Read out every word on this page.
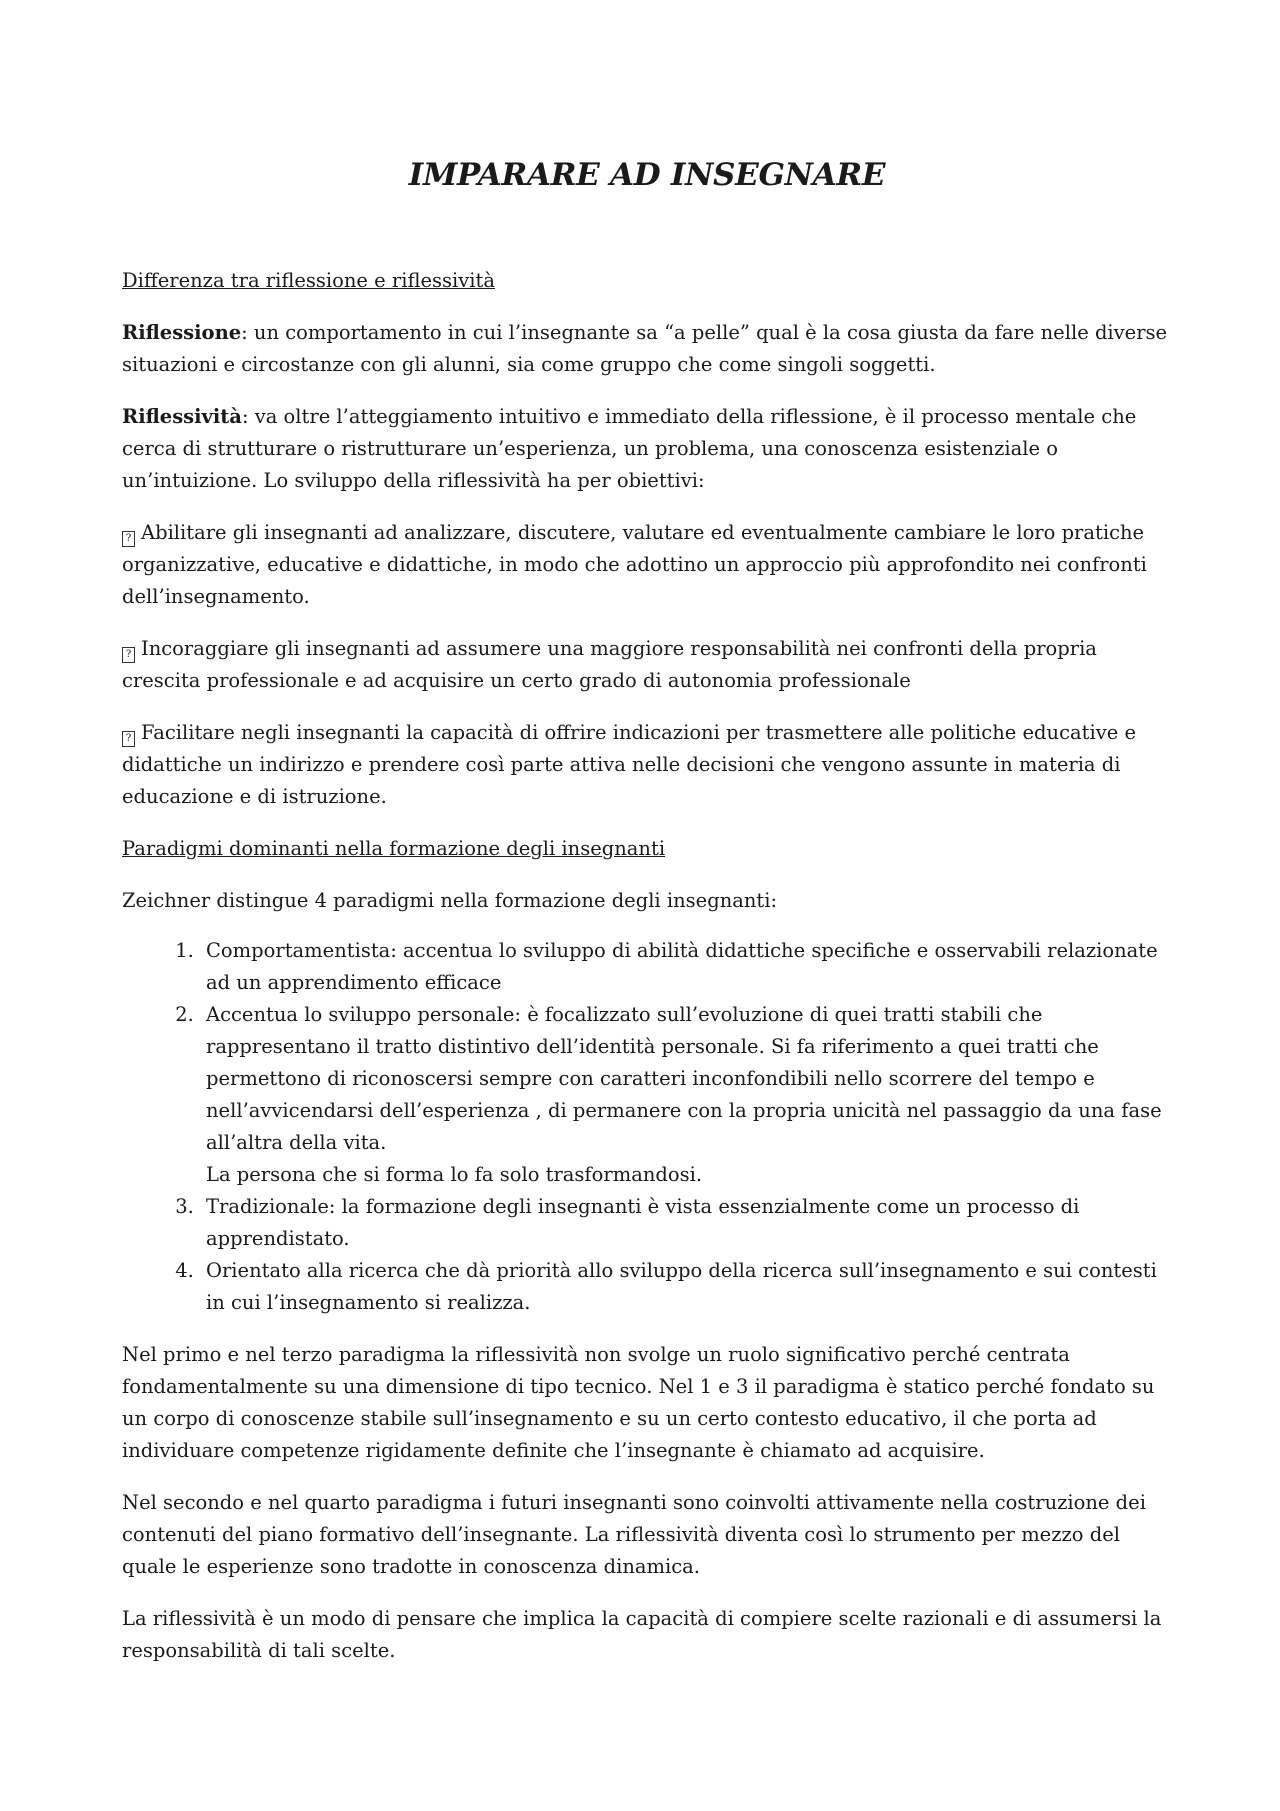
IMPARARE AD INSEGNARE

Differenza tra riflessione e riflessività

Riflessione: un comportamento in cui l’insegnante sa “a pelle” qual è la cosa giusta da fare nelle diverse situazioni e circostanze con gli alunni, sia come gruppo che come singoli soggetti.

Riflessività: va oltre l’atteggiamento intuitivo e immediato della riflessione, è il processo mentale che cerca di strutturare o ristrutturare un’esperienza, un problema, una conoscenza esistenziale o un’intuizione. Lo sviluppo della riflessività ha per obiettivi:

? Abilitare gli insegnanti ad analizzare, discutere, valutare ed eventualmente cambiare le loro pratiche organizzative, educative e didattiche, in modo che adottino un approccio più approfondito nei confronti dell’insegnamento.

? Incoraggiare gli insegnanti ad assumere una maggiore responsabilità nei confronti della propria crescita professionale e ad acquisire un certo grado di autonomia professionale

? Facilitare negli insegnanti la capacità di offrire indicazioni per trasmettere alle politiche educative e didattiche un indirizzo e prendere così parte attiva nelle decisioni che vengono assunte in materia di educazione e di istruzione.

Paradigmi dominanti nella formazione degli insegnanti

Zeichner distingue 4 paradigmi nella formazione degli insegnanti:

1. Comportamentista: accentua lo sviluppo di abilità didattiche specifiche e osservabili relazionate ad un apprendimento efficace
2. Accentua lo sviluppo personale: è focalizzato sull’evoluzione di quei tratti stabili che rappresentano il tratto distintivo dell’identità personale. Si fa riferimento a quei tratti che permettono di riconoscersi sempre con caratteri inconfondibili nello scorrere del tempo e nell’avvicendarsi dell’esperienza , di permanere con la propria unicità nel passaggio da una fase all’altra della vita.
La persona che si forma lo fa solo trasformandosi.
3. Tradizionale: la formazione degli insegnanti è vista essenzialmente come un processo di apprendistato.
4. Orientato alla ricerca che dà priorità allo sviluppo della ricerca sull’insegnamento e sui contesti in cui l’insegnamento si realizza.

Nel primo e nel terzo paradigma la riflessività non svolge un ruolo significativo perché centrata fondamentalmente su una dimensione di tipo tecnico. Nel 1 e 3 il paradigma è statico perché fondato su un corpo di conoscenze stabile sull’insegnamento e su un certo contesto educativo, il che porta ad individuare competenze rigidamente definite che l’insegnante è chiamato ad acquisire.

Nel secondo e nel quarto paradigma i futuri insegnanti sono coinvolti attivamente nella costruzione dei contenuti del piano formativo dell’insegnante. La riflessività diventa così lo strumento per mezzo del quale le esperienze sono tradotte in conoscenza dinamica.

La riflessività è un modo di pensare che implica la capacità di compiere scelte razionali e di assumersi la responsabilità di tali scelte.
